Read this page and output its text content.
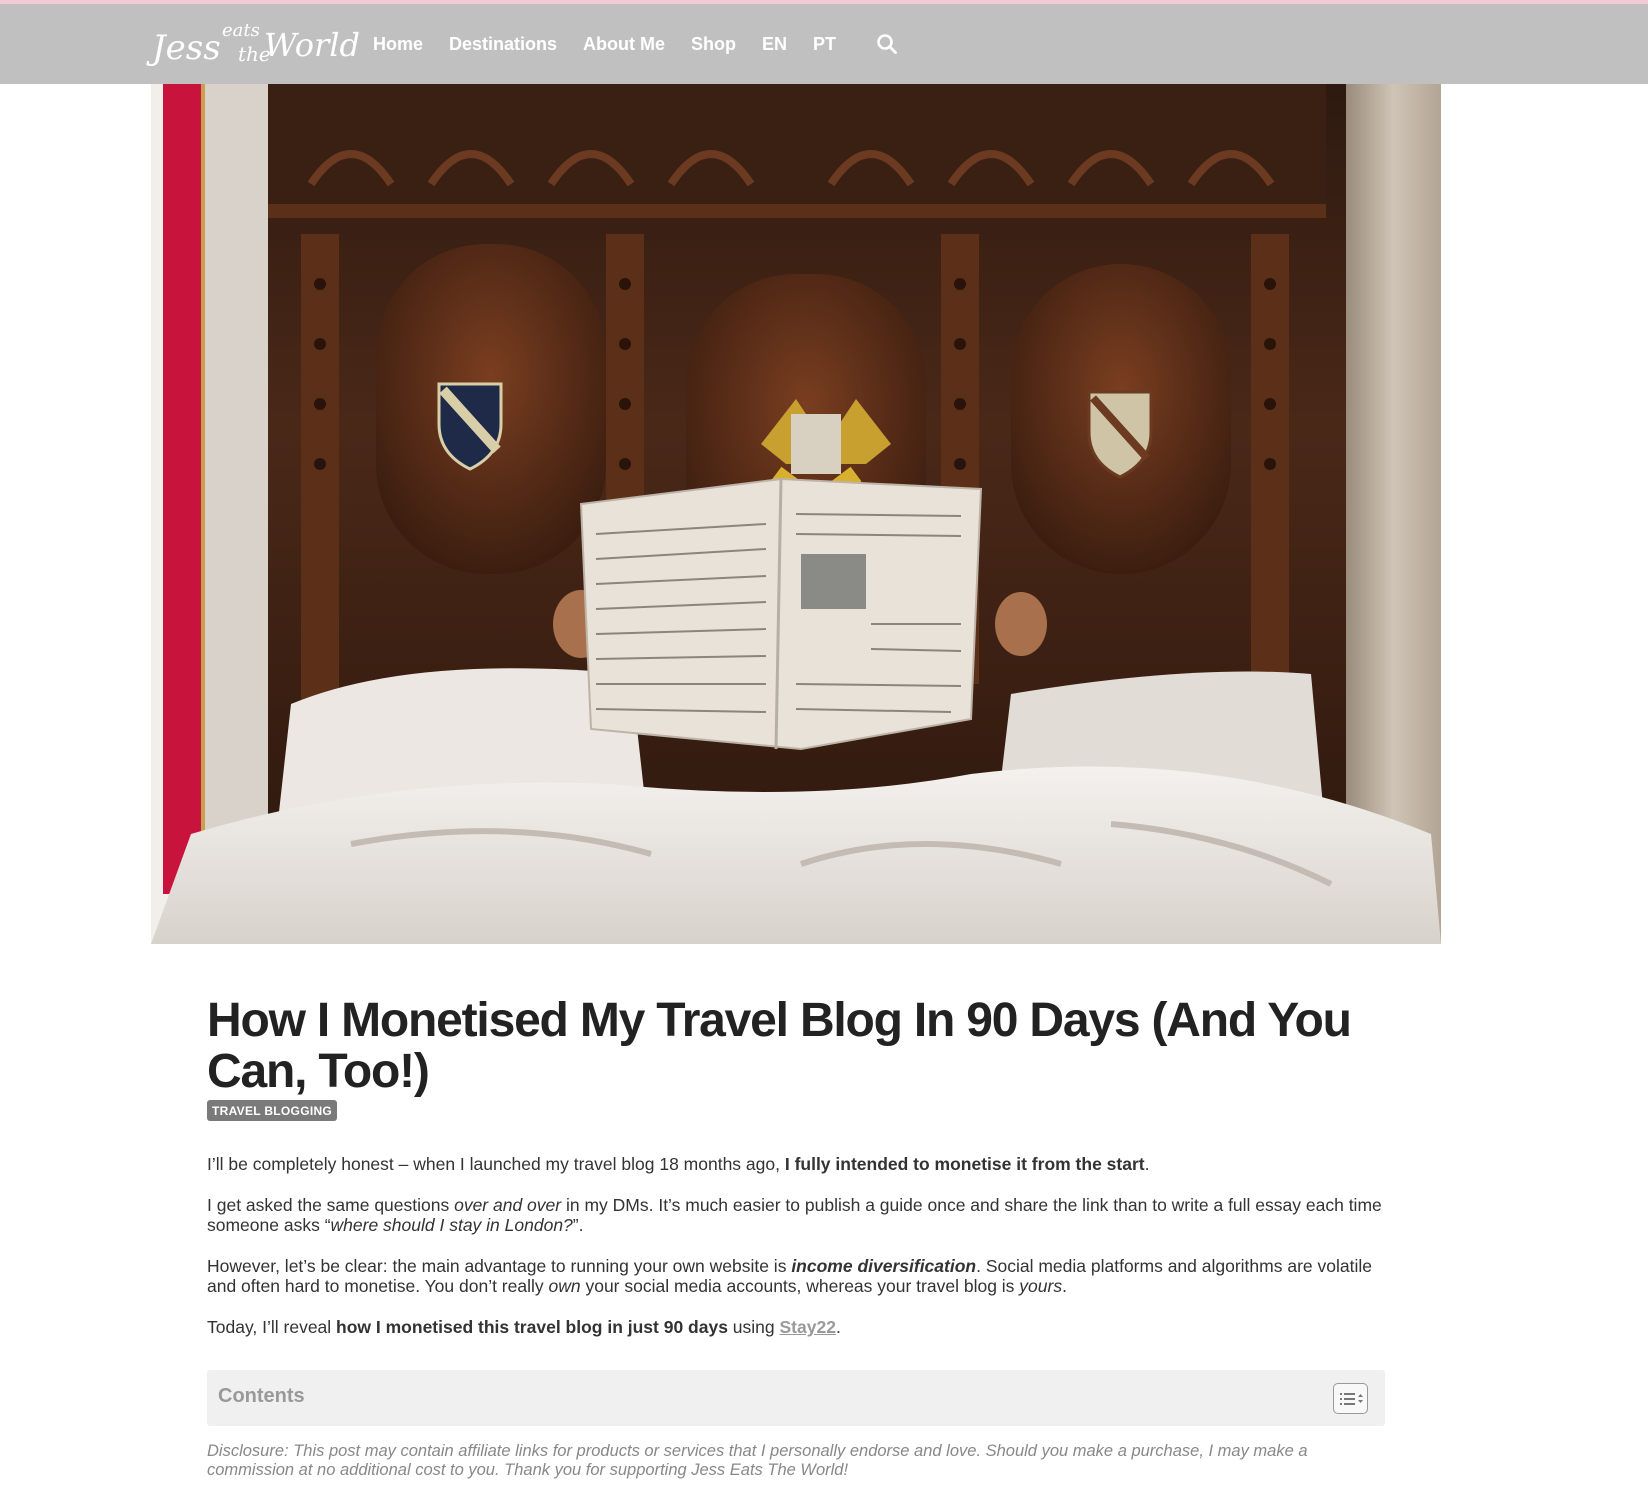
Jess eats
the
World Home Destinations About Me Shop EN PT
How I Monetised My Travel Blog In 90 Days (And You Can, Too!)
TRAVEL BLOGGING

I’ll be completely honest – when I launched my travel blog 18 months ago, I fully intended to monetise it from the start.

I get asked the same questions over and over in my DMs. It’s much easier to publish a guide once and share the link than to write a full essay each time someone asks “where should I stay in London?”.

However, let’s be clear: the main advantage to running your own website is income diversification. Social media platforms and algorithms are volatile and often hard to monetise. You don’t really own your social media accounts, whereas your travel blog is yours.

Today, I’ll reveal how I monetised this travel blog in just 90 days using Stay22.

Contents

Disclosure: This post may contain affiliate links for products or services that I personally endorse and love. Should you make a purchase, I may make a commission at no additional cost to you. Thank you for supporting Jess Eats The World!
